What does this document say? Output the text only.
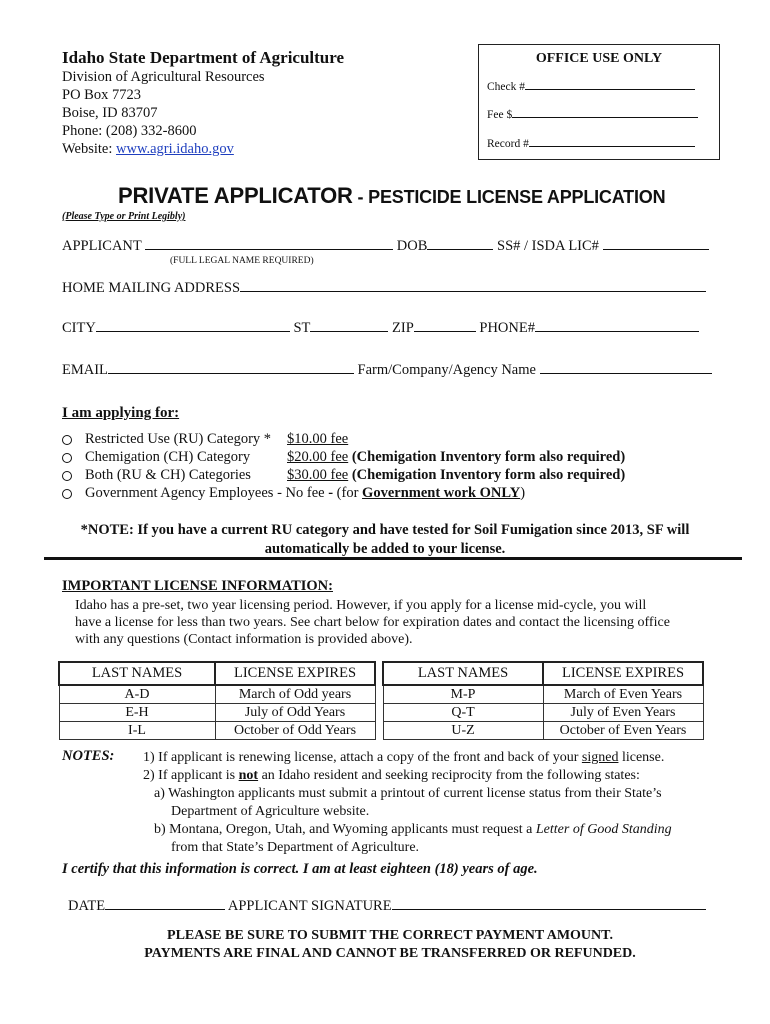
Idaho State Department of Agriculture
Division of Agricultural Resources
PO Box 7723
Boise, ID 83707
Phone: (208) 332-8600
Website: www.agri.idaho.gov
OFFICE USE ONLY
Check #
Fee $
Record #
PRIVATE APPLICATOR - PESTICIDE LICENSE APPLICATION
(Please Type or Print Legibly)
APPLICANT	DOB	SS# / ISDA LIC#
(FULL LEGAL NAME REQUIRED)
HOME MAILING ADDRESS
CITY	ST	ZIP	PHONE#
EMAIL	Farm/Company/Agency Name
I am applying for:
Restricted Use (RU) Category * $10.00 fee
Chemigation (CH) Category	$20.00 fee (Chemigation Inventory form also required)
Both (RU & CH) Categories $30.00 fee (Chemigation Inventory form also required)
Government Agency Employees - No fee - (for Government work ONLY)
*NOTE: If you have a current RU category and have tested for Soil Fumigation since 2013, SF will
automatically be added to your license.
IMPORTANT LICENSE INFORMATION:
Idaho has a pre-set, two year licensing period. However, if you apply for a license mid-cycle, you will
have a license for less than two years. See chart below for expiration dates and contact the licensing office
with any questions (Contact information is provided above).
LAST NAMES	LICENSE EXPIRES		LAST NAMES	LICENSE EXPIRES
A-D	March of Odd years		M-P	March of Even Years
E-H	July of Odd Years		Q-T	July of Even Years
I-L	October of Odd Years		U-Z	October of Even Years
NOTES: 1) If applicant is renewing license, attach a copy of the front and back of your signed license.
2) If applicant is not an Idaho resident and seeking reciprocity from the following states:
a) Washington applicants must submit a printout of current license status from their State’s
Department of Agriculture website.
b) Montana, Oregon, Utah, and Wyoming applicants must request a Letter of Good Standing
from that State’s Department of Agriculture.
I certify that this information is correct. I am at least eighteen (18) years of age.
DATE	APPLICANT SIGNATURE
PLEASE BE SURE TO SUBMIT THE CORRECT PAYMENT AMOUNT.
PAYMENTS ARE FINAL AND CANNOT BE TRANSFERRED OR REFUNDED.
